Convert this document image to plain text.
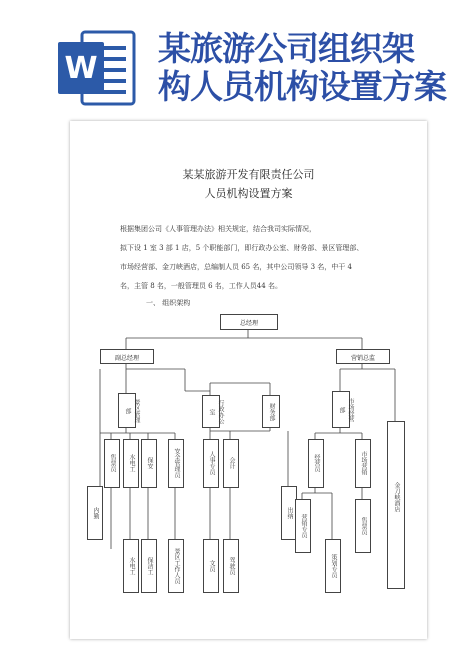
W
某旅游公司组织架
构人员机构设置方案
某某旅游开发有限责任公司
人员机构设置方案
根据集团公司《人事管理办法》相关规定，结合我司实际情况，
拟下设 1 室 3 部 1 店，5 个职能部门，即行政办公室、财务部、景区管理部、
市场经营部、金刀峡酒店，总编制人员 65 名，其中公司领导 3 名，中干 4
名，主管 8 名，一般管理员 6 名，工作人员44 名。
一、 组织架构
总经理
副总经理	营销总监
景区管理部	行政办公室	财务部	市场经营部
金刀峡酒店
售票员 水电工 保安	安全管理员
内勤
水电工 保洁工	景区工作人员
人事专员 会计
出纳
文员 驾驶员
经营员	市场营销
营销专员
策划专员
售票员
